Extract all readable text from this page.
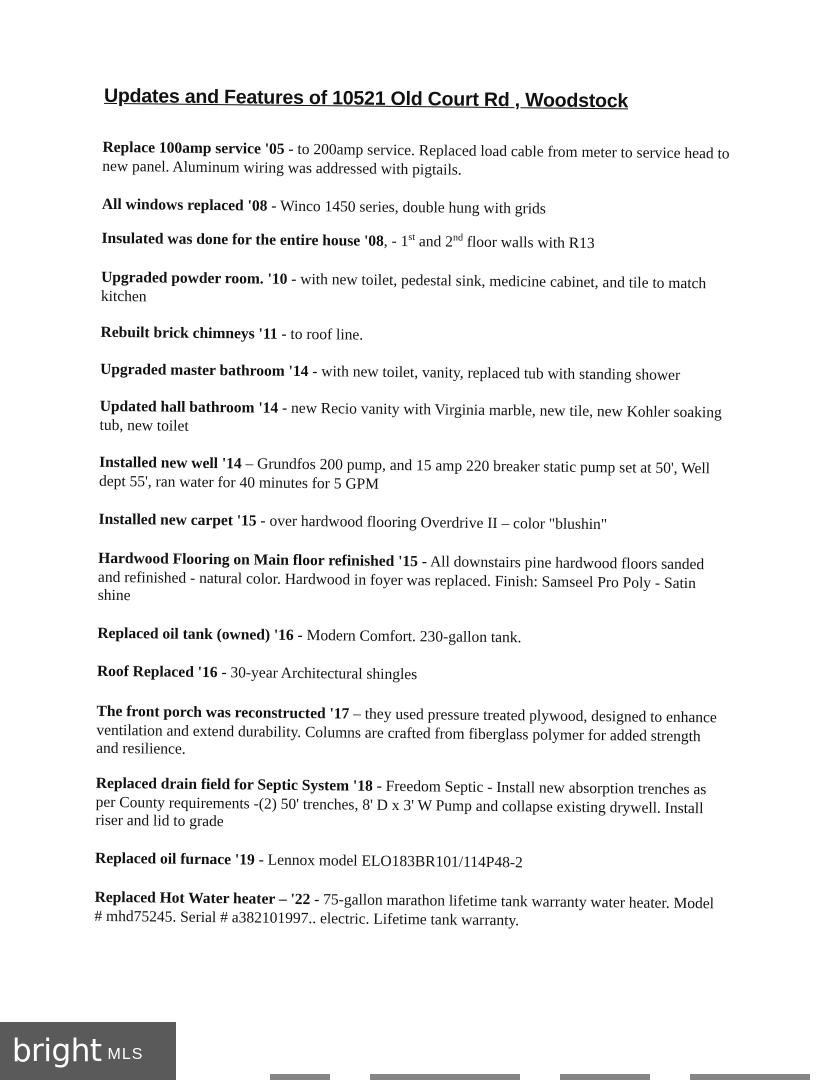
Updates and Features of 10521 Old Court Rd , Woodstock
Replace 100amp service '05 - to 200amp service. Replaced load cable from meter to service head to new panel. Aluminum wiring was addressed with pigtails.
All windows replaced '08 - Winco 1450 series, double hung with grids
Insulated was done for the entire house '08, - 1st and 2nd floor walls with R13
Upgraded powder room. '10 - with new toilet, pedestal sink, medicine cabinet, and tile to match kitchen
Rebuilt brick chimneys '11 - to roof line.
Upgraded master bathroom '14 - with new toilet, vanity, replaced tub with standing shower
Updated hall bathroom '14 - new Recio vanity with Virginia marble, new tile, new Kohler soaking tub, new toilet
Installed new well '14 – Grundfos 200 pump, and 15 amp 220 breaker static pump set at 50', Well dept 55', ran water for 40 minutes for 5 GPM
Installed new carpet '15 - over hardwood flooring Overdrive II – color "blushin"
Hardwood Flooring on Main floor refinished '15 - All downstairs pine hardwood floors sanded and refinished - natural color. Hardwood in foyer was replaced. Finish: Samseel Pro Poly - Satin shine
Replaced oil tank (owned) '16 - Modern Comfort. 230-gallon tank.
Roof Replaced '16 - 30-year Architectural shingles
The front porch was reconstructed '17 – they used pressure treated plywood, designed to enhance ventilation and extend durability. Columns are crafted from fiberglass polymer for added strength and resilience.
Replaced drain field for Septic System '18 - Freedom Septic - Install new absorption trenches as per County requirements -(2) 50' trenches, 8' D x 3' W Pump and collapse existing drywell. Install riser and lid to grade
Replaced oil furnace '19 - Lennox model ELO183BR101/114P48-2
Replaced Hot Water heater – '22 - 75-gallon marathon lifetime tank warranty water heater. Model # mhd75245. Serial # a382101997.. electric. Lifetime tank warranty.
bright MLS
